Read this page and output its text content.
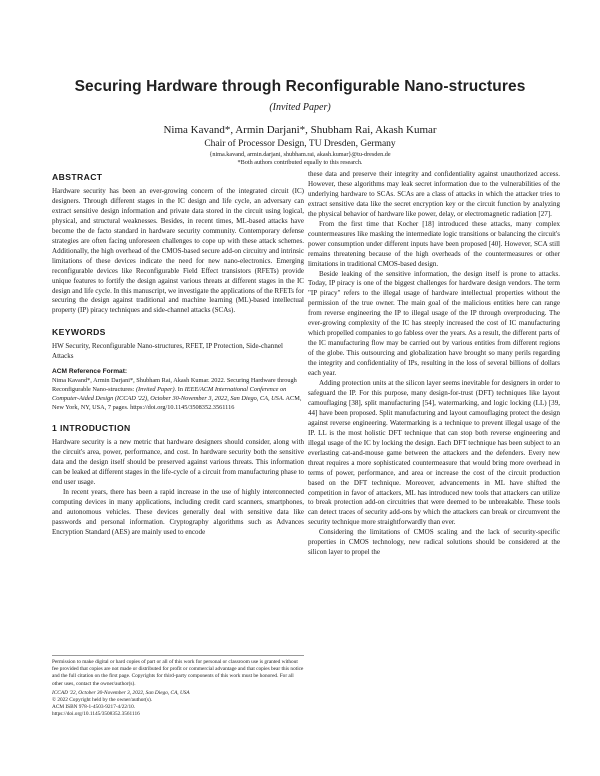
Securing Hardware through Reconfigurable Nano-structures
(Invited Paper)
Nima Kavand*, Armin Darjani*, Shubham Rai, Akash Kumar
Chair of Processor Design, TU Dresden, Germany
{nima.kavand, armin.darjani, shubham.rai, akash.kumar}@tu-dresden.de
*Both authors contributed equally to this research.
ABSTRACT

Hardware security has been an ever-growing concern of the integrated circuit (IC) designers. Through different stages in the IC design and life cycle, an adversary can extract sensitive design information and private data stored in the circuit using logical, physical, and structural weaknesses. Besides, in recent times, ML-based attacks have become the de facto standard in hardware security community. Contemporary defense strategies are often facing unforeseen challenges to cope up with these attack schemes. Additionally, the high overhead of the CMOS-based secure add-on circuitry and intrinsic limitations of these devices indicate the need for new nano-electronics. Emerging reconfigurable devices like Reconfigurable Field Effect transistors (RFETs) provide unique features to fortify the design against various threats at different stages in the IC design and life cycle. In this manuscript, we investigate the applications of the RFETs for securing the design against traditional and machine learning (ML)-based intellectual property (IP) piracy techniques and side-channel attacks (SCAs).

KEYWORDS

HW Security, Reconfigurable Nano-structures, RFET, IP Protection, Side-channel Attacks

ACM Reference Format:

Nima Kavand*, Armin Darjani*, Shubham Rai, Akash Kumar. 2022. Securing Hardware through Reconfigurable Nano-structures: (Invited Paper). In IEEE/ACM International Conference on Computer-Aided Design (ICCAD '22), October 30-November 3, 2022, San Diego, CA, USA. ACM, New York, NY, USA, 7 pages. https://doi.org/10.1145/3508352.3561116

1 INTRODUCTION

Hardware security is a new metric that hardware designers should consider, along with the circuit's area, power, performance, and cost. In hardware security both the sensitive data and the design itself should be preserved against various threats. This information can be leaked at different stages in the life-cycle of a circuit from manufacturing phase to end user usage.

In recent years, there has been a rapid increase in the use of highly interconnected computing devices in many applications, including credit card scanners, smartphones, and autonomous vehicles. These devices generally deal with sensitive data like passwords and personal information. Cryptography algorithms such as Advances Encryption Standard (AES) are mainly used to encode

Permission to make digital or hard copies of part or all of this work for personal or classroom use is granted without fee provided that copies are not made or distributed for profit or commercial advantage and that copies bear this notice and the full citation on the first page. Copyrights for third-party components of this work must be honored. For all other uses, contact the owner/author(s).
ICCAD '22, October 30-November 3, 2022, San Diego, CA, USA
© 2022 Copyright held by the owner/author(s).
ACM ISBN 978-1-4503-9217-4/22/10.
https://doi.org/10.1145/3508352.3561116

these data and preserve their integrity and confidentiality against unauthorized access. However, these algorithms may leak secret information due to the vulnerabilities of the underlying hardware to SCAs. SCAs are a class of attacks in which the attacker tries to extract sensitive data like the secret encryption key or the circuit function by analyzing the physical behavior of hardware like power, delay, or electromagnetic radiation [27].

From the first time that Kocher [18] introduced these attacks, many complex countermeasures like masking the intermediate logic transitions or balancing the circuit's power consumption under different inputs have been proposed [40]. However, SCA still remains threatening because of the high overheads of the countermeasures or other limitations in traditional CMOS-based design.

Beside leaking of the sensitive information, the design itself is prone to attacks. Today, IP piracy is one of the biggest challenges for hardware design vendors. The term "IP piracy" refers to the illegal usage of hardware intellectual properties without the permission of the true owner. The main goal of the malicious entities here can range from reverse engineering the IP to illegal usage of the IP through overproducing. The ever-growing complexity of the IC has steeply increased the cost of IC manufacturing which propelled companies to go fabless over the years. As a result, the different parts of the IC manufacturing flow may be carried out by various entities from different regions of the globe. This outsourcing and globalization have brought so many perils regarding the integrity and confidentiality of IPs, resulting in the loss of several billions of dollars each year.

Adding protection units at the silicon layer seems inevitable for designers in order to safeguard the IP. For this purpose, many design-for-trust (DFT) techniques like layout camouflaging [38], split manufacturing [54], watermarking, and logic locking (LL) [39, 44] have been proposed. Split manufacturing and layout camouflaging protect the design against reverse engineering. Watermarking is a technique to prevent illegal usage of the IP. LL is the most holistic DFT technique that can stop both reverse engineering and illegal usage of the IC by locking the design. Each DFT technique has been subject to an everlasting cat-and-mouse game between the attackers and the defenders. Every new threat requires a more sophisticated countermeasure that would bring more overhead in terms of power, performance, and area or increase the cost of the circuit production based on the DFT technique. Moreover, advancements in ML have shifted the competition in favor of attackers, ML has introduced new tools that attackers can utilize to break protection add-on circuitries that were deemed to be unbreakable. These tools can detect traces of security add-ons by which the attackers can break or circumvent the security technique more straightforwardly than ever.

Considering the limitations of CMOS scaling and the lack of security-specific properties in CMOS technology, new radical solutions should be considered at the silicon layer to propel the
